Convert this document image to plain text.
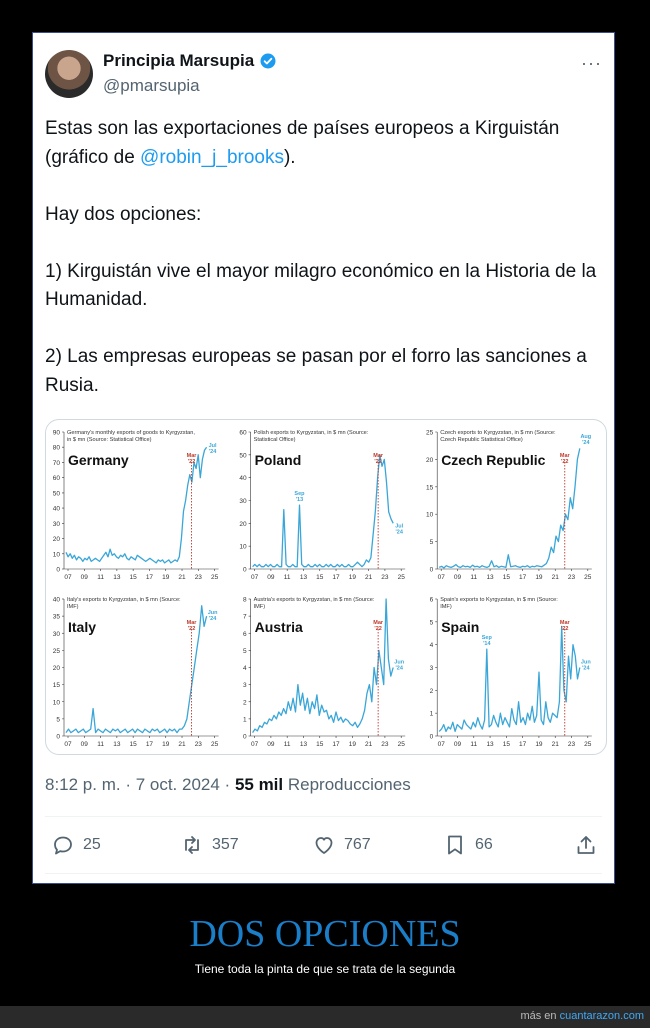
Principia Marsupia
@pmarsupia
···

Estas son las exportaciones de países europeos a Kirguistán (gráfico de @robin_j_brooks).

Hay dos opciones:

1) Kirguistán vive el mayor milagro económico en la Historia de la Humanidad.

2) Las empresas europeas se pasan por el forro las sanciones a Rusia.

0
10
20
30
40
50
60
70
80
90
07 09 11 13 15 17 19 21 23 25
Germany's monthly exports of goods to Kyrgyzstan,
in $ mn (Source: Statistical Office)
Germany	Mar
'22
Jul
'24
0
10
20
30
40
50
60
07 09 11 13 15 17 19 21 23 25
Polish exports to Kyrgyzstan, in $ mn (Source:
Statistical Office)
Poland	Mar
'22
Jul
'24
Sep
'13
0
5
10
15
20
25
07 09 11 13 15 17 19 21 23 25
Czech exports to Kyrgyzstan, in $ mn (Source:
Czech Republic Statistical Office)
Czech Republic	Mar
'22
Aug
'24
0
5
10
15
20
25
30
35
40
07 09 11 13 15 17 19 21 23 25
Italy's exports to Kyrgyzstan, in $ mn (Source:
IMF)
Italy	Mar
'22
Jun
'24
0
1
2
3
4
5
6
7
8
07 09 11 13 15 17 19 21 23 25
Austria's exports to Kyrgyzstan, in $ mn (Source:
IMF)
Austria	Mar
'22
Jun
'24
0
1
2
3
4
5
6
07 09 11 13 15 17 19 21 23 25
Spain's exports to Kyrgyzstan, in $ mn (Source:
IMF)
Spain	Mar
'22
Jun
'24
Sep
'14
8:12 p. m. · 7 oct. 2024 · 55 mil Reproducciones
25	357	767	66
DOS OPCIONES
Tiene toda la pinta de que se trata de la segunda
más en cuantarazon.com
